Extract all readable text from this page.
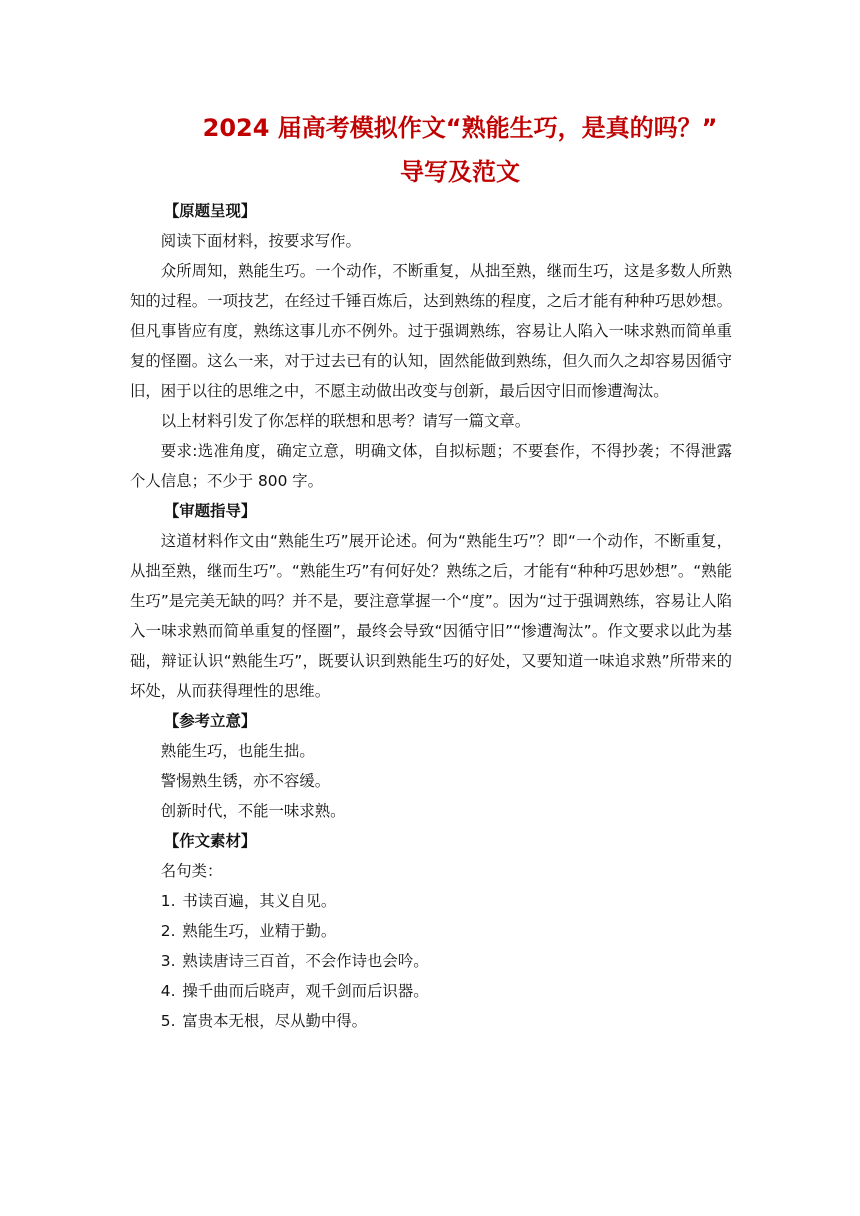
2024 届高考模拟作文“熟能生巧，是真的吗？”
导写及范文

【原题呈现】

阅读下面材料，按要求写作。

众所周知，熟能生巧。一个动作，不断重复，从拙至熟，继而生巧，这是多数人所熟知的过程。一项技艺，在经过千锤百炼后，达到熟练的程度，之后才能有种种巧思妙想。但凡事皆应有度，熟练这事儿亦不例外。过于强调熟练，容易让人陷入一味求熟而简单重复的怪圈。这么一来，对于过去已有的认知，固然能做到熟练，但久而久之却容易因循守旧，困于以往的思维之中，不愿主动做出改变与创新，最后因守旧而惨遭淘汰。

以上材料引发了你怎样的联想和思考？请写一篇文章。

要求:选准角度，确定立意，明确文体，自拟标题；不要套作，不得抄袭；不得泄露个人信息；不少于 800 字。

【审题指导】

这道材料作文由“熟能生巧”展开论述。何为“熟能生巧”？即“一个动作，不断重复，从拙至熟，继而生巧”。“熟能生巧”有何好处？熟练之后，才能有“种种巧思妙想”。“熟能生巧”是完美无缺的吗？并不是，要注意掌握一个“度”。因为“过于强调熟练，容易让人陷入一味求熟而简单重复的怪圈”，最终会导致“因循守旧”“惨遭淘汰”。作文要求以此为基础，辩证认识“熟能生巧”，既要认识到熟能生巧的好处，又要知道一味追求熟”所带来的坏处，从而获得理性的思维。

【参考立意】

熟能生巧，也能生拙。

警惕熟生锈，亦不容缓。

创新时代，不能一味求熟。

【作文素材】

名句类：

1. 书读百遍，其义自见。
2. 熟能生巧，业精于勤。
3. 熟读唐诗三百首，不会作诗也会吟。
4. 操千曲而后晓声，观千剑而后识器。
5. 富贵本无根，尽从勤中得。
